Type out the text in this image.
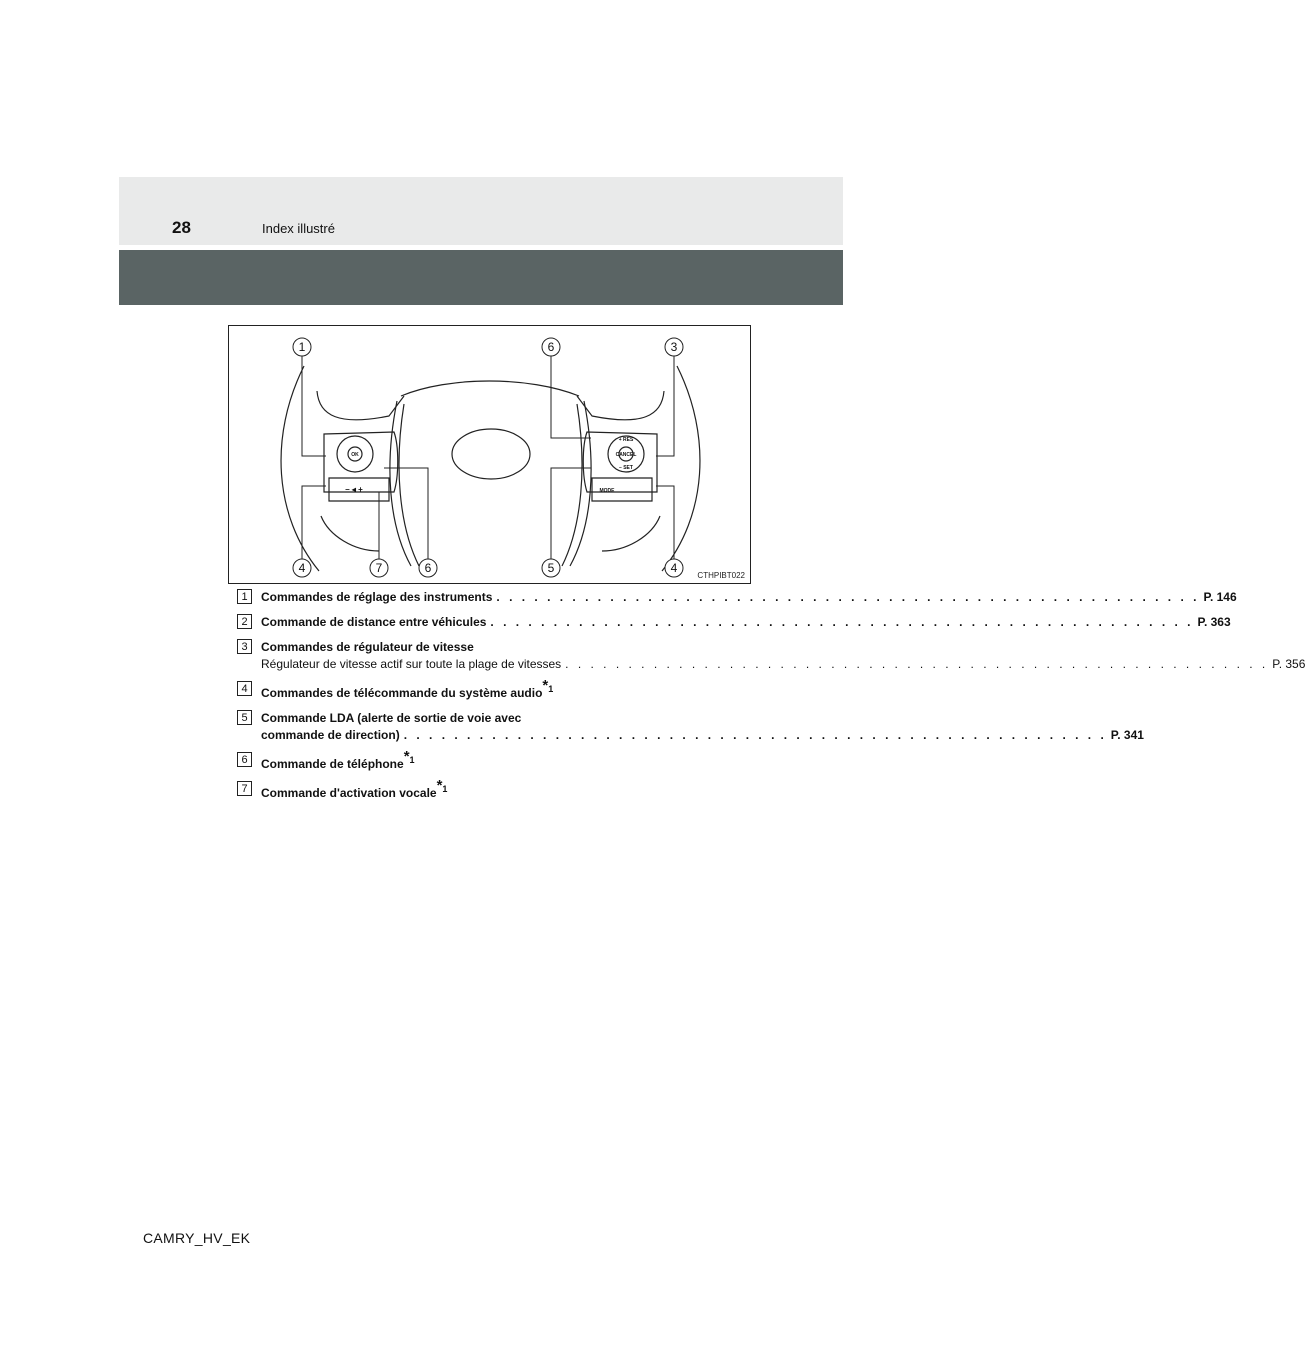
28	Index illustré
1	6	3
4	7	6	5	4
OK
+ RES
CANCEL
– SET
MODE
– ◂ +
CTHPIBT022
1	Commandes de réglage des instruments . . . . . . . . . . . . . . . . . . . . . . . . . . . . . . . . . . . . . . . . . . . . . . . . . . . . . . . . P. 146
2	Commande de distance entre véhicules . . . . . . . . . . . . . . . . . . . . . . . . . . . . . . . . . . . . . . . . . . . . . . . . . . . . . . . . P. 363
3	Commandes de régulateur de vitesse
Régulateur de vitesse actif sur toute la plage de vitesses . . . . . . . . . . . . . . . . . . . . . . . . . . . . . . . . . . . . . . . . . . . . . . . . . . . . . . . . P. 356
4	Commandes de télécommande du système audio*$^1$
5	Commande LDA (alerte de sortie de voie avec
commande de direction) . . . . . . . . . . . . . . . . . . . . . . . . . . . . . . . . . . . . . . . . . . . . . . . . . . . . . . . . P. 341
6	Commande de téléphone*$^1$
7	Commande d'activation vocale*$^1$
CAMRY_HV_EK
